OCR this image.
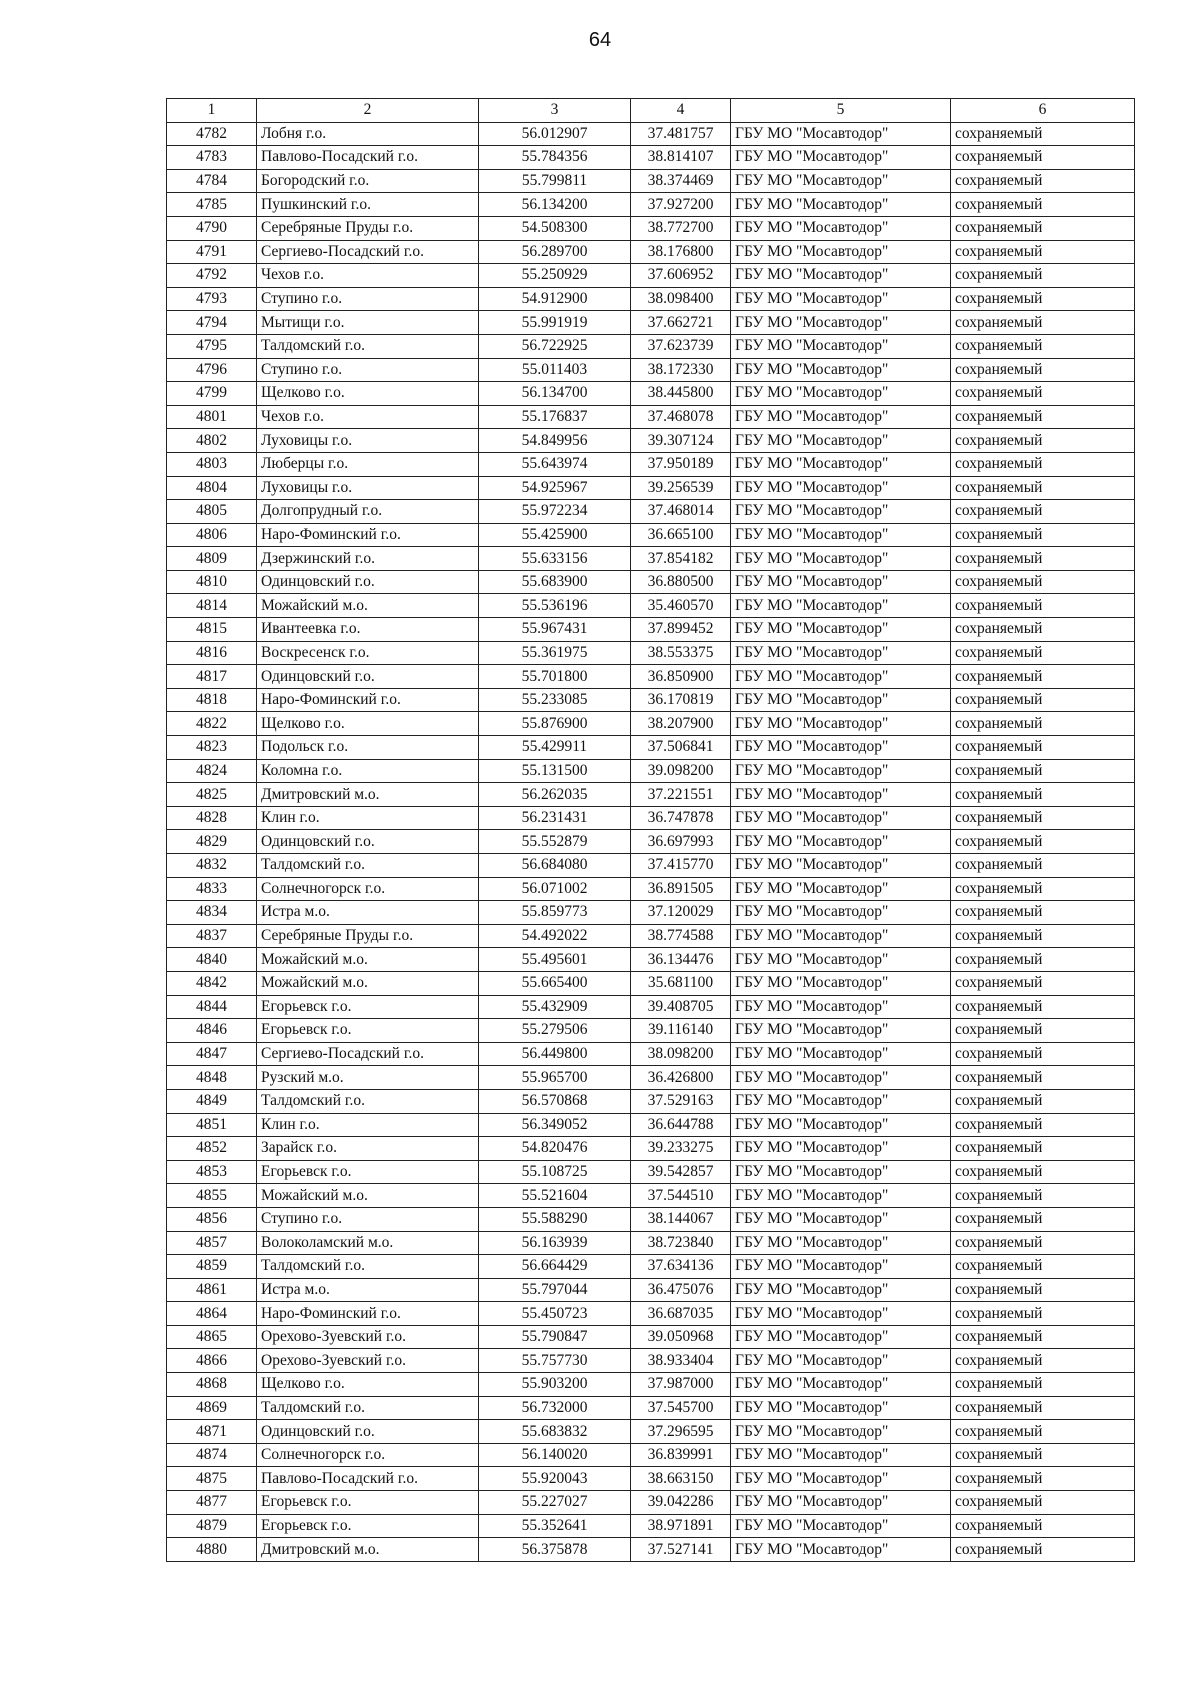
64
1	2	3	4	5	6
4782	Лобня г.о.	56.012907	37.481757	ГБУ МО "Мосавтодор"	сохраняемый
4783	Павлово-Посадский г.о.	55.784356	38.814107	ГБУ МО "Мосавтодор"	сохраняемый
4784	Богородский г.о.	55.799811	38.374469	ГБУ МО "Мосавтодор"	сохраняемый
4785	Пушкинский г.о.	56.134200	37.927200	ГБУ МО "Мосавтодор"	сохраняемый
4790	Серебряные Пруды г.о.	54.508300	38.772700	ГБУ МО "Мосавтодор"	сохраняемый
4791	Сергиево-Посадский г.о.	56.289700	38.176800	ГБУ МО "Мосавтодор"	сохраняемый
4792	Чехов г.о.	55.250929	37.606952	ГБУ МО "Мосавтодор"	сохраняемый
4793	Ступино г.о.	54.912900	38.098400	ГБУ МО "Мосавтодор"	сохраняемый
4794	Мытищи г.о.	55.991919	37.662721	ГБУ МО "Мосавтодор"	сохраняемый
4795	Талдомский г.о.	56.722925	37.623739	ГБУ МО "Мосавтодор"	сохраняемый
4796	Ступино г.о.	55.011403	38.172330	ГБУ МО "Мосавтодор"	сохраняемый
4799	Щелково г.о.	56.134700	38.445800	ГБУ МО "Мосавтодор"	сохраняемый
4801	Чехов г.о.	55.176837	37.468078	ГБУ МО "Мосавтодор"	сохраняемый
4802	Луховицы г.о.	54.849956	39.307124	ГБУ МО "Мосавтодор"	сохраняемый
4803	Люберцы г.о.	55.643974	37.950189	ГБУ МО "Мосавтодор"	сохраняемый
4804	Луховицы г.о.	54.925967	39.256539	ГБУ МО "Мосавтодор"	сохраняемый
4805	Долгопрудный г.о.	55.972234	37.468014	ГБУ МО "Мосавтодор"	сохраняемый
4806	Наро-Фоминский г.о.	55.425900	36.665100	ГБУ МО "Мосавтодор"	сохраняемый
4809	Дзержинский г.о.	55.633156	37.854182	ГБУ МО "Мосавтодор"	сохраняемый
4810	Одинцовский г.о.	55.683900	36.880500	ГБУ МО "Мосавтодор"	сохраняемый
4814	Можайский м.о.	55.536196	35.460570	ГБУ МО "Мосавтодор"	сохраняемый
4815	Ивантеевка г.о.	55.967431	37.899452	ГБУ МО "Мосавтодор"	сохраняемый
4816	Воскресенск г.о.	55.361975	38.553375	ГБУ МО "Мосавтодор"	сохраняемый
4817	Одинцовский г.о.	55.701800	36.850900	ГБУ МО "Мосавтодор"	сохраняемый
4818	Наро-Фоминский г.о.	55.233085	36.170819	ГБУ МО "Мосавтодор"	сохраняемый
4822	Щелково г.о.	55.876900	38.207900	ГБУ МО "Мосавтодор"	сохраняемый
4823	Подольск г.о.	55.429911	37.506841	ГБУ МО "Мосавтодор"	сохраняемый
4824	Коломна г.о.	55.131500	39.098200	ГБУ МО "Мосавтодор"	сохраняемый
4825	Дмитровский м.о.	56.262035	37.221551	ГБУ МО "Мосавтодор"	сохраняемый
4828	Клин г.о.	56.231431	36.747878	ГБУ МО "Мосавтодор"	сохраняемый
4829	Одинцовский г.о.	55.552879	36.697993	ГБУ МО "Мосавтодор"	сохраняемый
4832	Талдомский г.о.	56.684080	37.415770	ГБУ МО "Мосавтодор"	сохраняемый
4833	Солнечногорск г.о.	56.071002	36.891505	ГБУ МО "Мосавтодор"	сохраняемый
4834	Истра м.о.	55.859773	37.120029	ГБУ МО "Мосавтодор"	сохраняемый
4837	Серебряные Пруды г.о.	54.492022	38.774588	ГБУ МО "Мосавтодор"	сохраняемый
4840	Можайский м.о.	55.495601	36.134476	ГБУ МО "Мосавтодор"	сохраняемый
4842	Можайский м.о.	55.665400	35.681100	ГБУ МО "Мосавтодор"	сохраняемый
4844	Егорьевск г.о.	55.432909	39.408705	ГБУ МО "Мосавтодор"	сохраняемый
4846	Егорьевск г.о.	55.279506	39.116140	ГБУ МО "Мосавтодор"	сохраняемый
4847	Сергиево-Посадский г.о.	56.449800	38.098200	ГБУ МО "Мосавтодор"	сохраняемый
4848	Рузский м.о.	55.965700	36.426800	ГБУ МО "Мосавтодор"	сохраняемый
4849	Талдомский г.о.	56.570868	37.529163	ГБУ МО "Мосавтодор"	сохраняемый
4851	Клин г.о.	56.349052	36.644788	ГБУ МО "Мосавтодор"	сохраняемый
4852	Зарайск г.о.	54.820476	39.233275	ГБУ МО "Мосавтодор"	сохраняемый
4853	Егорьевск г.о.	55.108725	39.542857	ГБУ МО "Мосавтодор"	сохраняемый
4855	Можайский м.о.	55.521604	37.544510	ГБУ МО "Мосавтодор"	сохраняемый
4856	Ступино г.о.	55.588290	38.144067	ГБУ МО "Мосавтодор"	сохраняемый
4857	Волоколамский м.о.	56.163939	38.723840	ГБУ МО "Мосавтодор"	сохраняемый
4859	Талдомский г.о.	56.664429	37.634136	ГБУ МО "Мосавтодор"	сохраняемый
4861	Истра м.о.	55.797044	36.475076	ГБУ МО "Мосавтодор"	сохраняемый
4864	Наро-Фоминский г.о.	55.450723	36.687035	ГБУ МО "Мосавтодор"	сохраняемый
4865	Орехово-Зуевский г.о.	55.790847	39.050968	ГБУ МО "Мосавтодор"	сохраняемый
4866	Орехово-Зуевский г.о.	55.757730	38.933404	ГБУ МО "Мосавтодор"	сохраняемый
4868	Щелково г.о.	55.903200	37.987000	ГБУ МО "Мосавтодор"	сохраняемый
4869	Талдомский г.о.	56.732000	37.545700	ГБУ МО "Мосавтодор"	сохраняемый
4871	Одинцовский г.о.	55.683832	37.296595	ГБУ МО "Мосавтодор"	сохраняемый
4874	Солнечногорск г.о.	56.140020	36.839991	ГБУ МО "Мосавтодор"	сохраняемый
4875	Павлово-Посадский г.о.	55.920043	38.663150	ГБУ МО "Мосавтодор"	сохраняемый
4877	Егорьевск г.о.	55.227027	39.042286	ГБУ МО "Мосавтодор"	сохраняемый
4879	Егорьевск г.о.	55.352641	38.971891	ГБУ МО "Мосавтодор"	сохраняемый
4880	Дмитровский м.о.	56.375878	37.527141	ГБУ МО "Мосавтодор"	сохраняемый
